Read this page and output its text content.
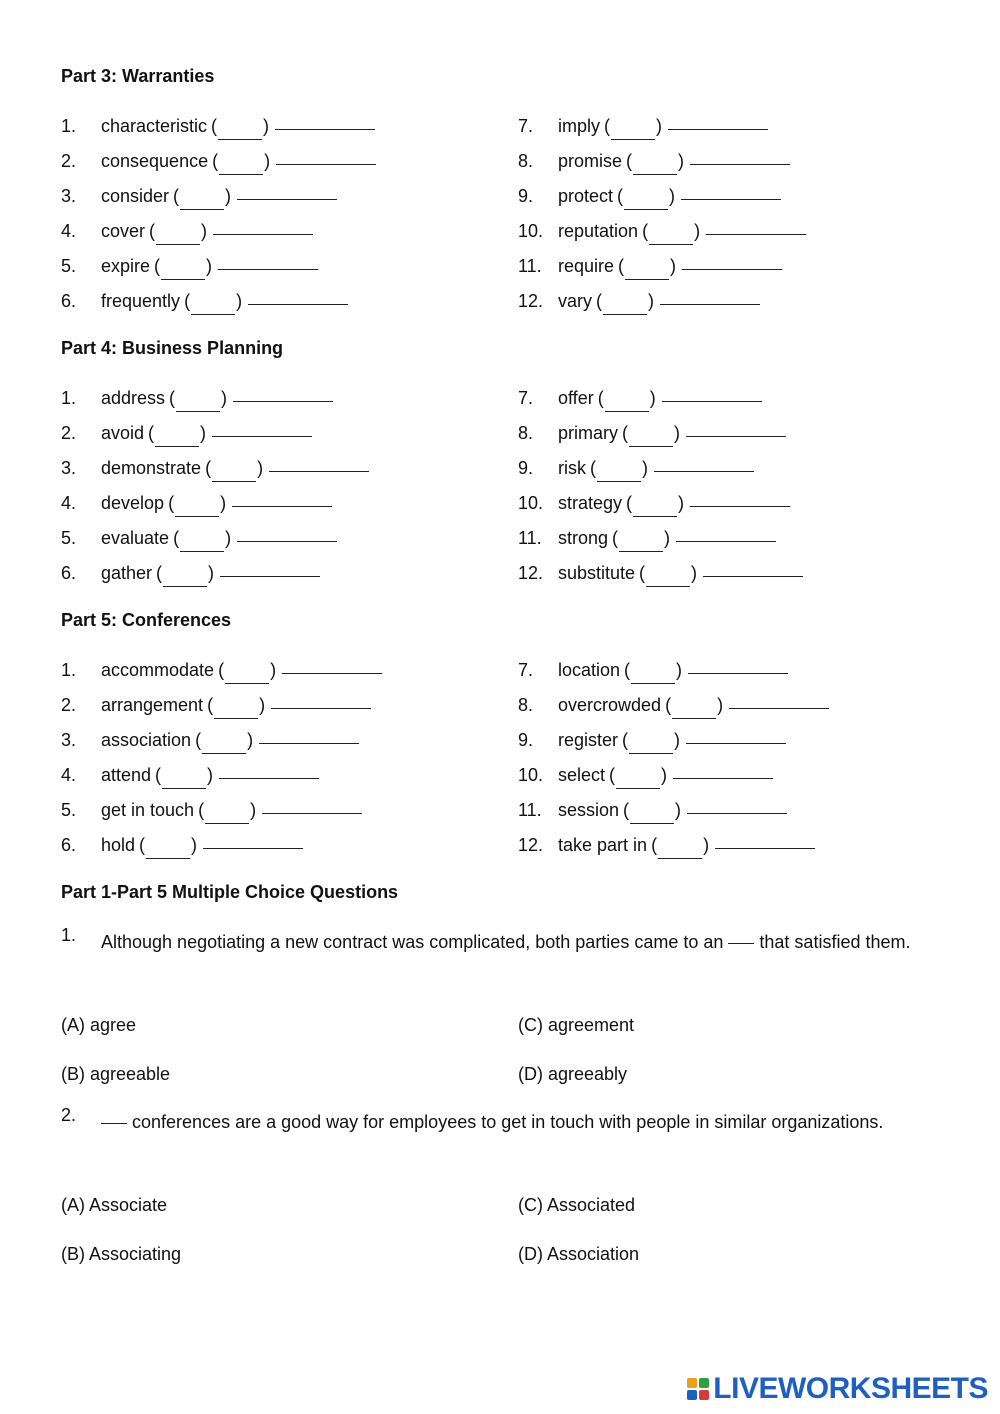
Part 3: Warranties
1.	characteristic (	)
2.	consequence (	)
3.	consider (	)
4.	cover (	)
5.	expire (	)
6.	frequently (	)
7.	imply (	)
8.	promise (	)
9.	protect (	)
10. reputation (	)
11. require (	)
12. vary (	)
Part 4: Business Planning
1.	address (	)
2.	avoid (	)
3.	demonstrate (	)
4.	develop (	)
5.	evaluate (	)
6.	gather (	)
7.	offer (	)
8.	primary (	)
9.	risk (	)
10. strategy (	)
11. strong (	)
12. substitute (	)
Part 5: Conferences
1.	accommodate (	)
2.	arrangement (	)
3.	association (	)
4.	attend (	)
5.	get in touch (	)
6.	hold (	)
7.	location (	)
8.	overcrowded (	)
9.	register (	)
10. select (	)
11. session (	)
12. take part in (	)
Part 1-Part 5 Multiple Choice Questions
1. Although negotiating a new contract was complicated, both parties came to an that satisfied them.
(A) agree	(C) agreement
(B) agreeable	(D) agreeably
2.	conferences are a good way for employees to get in touch with people in similar organizations.
(A) Associate	(C) Associated
(B) Associating	(D) Association
LIVEWORKSHEETS
